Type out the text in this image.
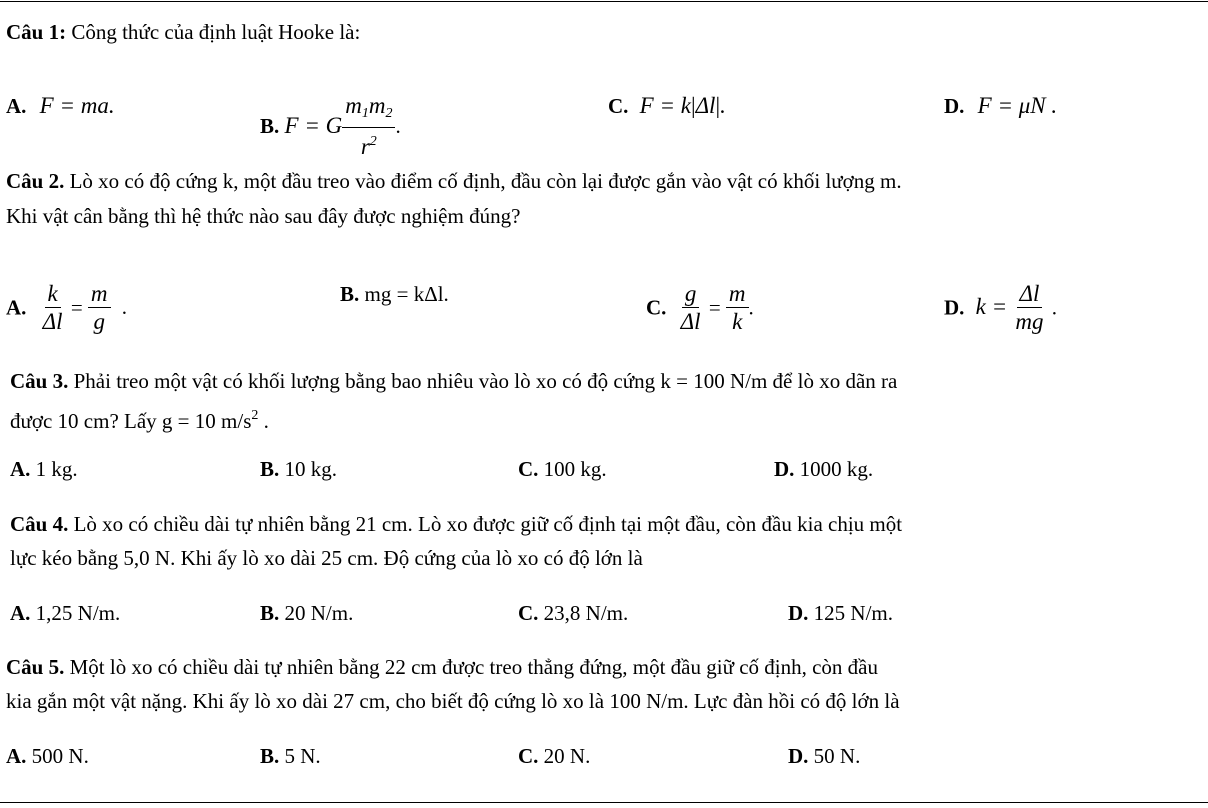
Câu 1: Công thức của định luật Hooke là:
A. F = ma.
B. F = G $\frac{m_1m_2}{r^2}$ .
C. F = k|Δl|.	D. F = μN .
Câu 2. Lò xo có độ cứng k, một đầu treo vào điểm cố định, đầu còn lại được gắn vào vật có khối lượng m.
Khi vật cân bằng thì hệ thức nào sau đây được nghiệm đúng?
A. $\frac{k}{\Delta l} = \frac{m}{g}$ .
B. mg = kΔl.
C. $\frac{g}{\Delta l} = \frac{m}{k}$ .	D. $k = \frac{\Delta l}{mg}$ .
Câu 3. Phải treo một vật có khối lượng bằng bao nhiêu vào lò xo có độ cứng k = 100 N/m để lò xo dãn ra
được 10 cm? Lấy g = 10 $m/s^2$ .
A. 1 kg.	B. 10 kg.	C. 100 kg.	D. 1000 kg.
Câu 4. Lò xo có chiều dài tự nhiên bằng 21 cm. Lò xo được giữ cố định tại một đầu, còn đầu kia chịu một
lực kéo bằng 5,0 N. Khi ấy lò xo dài 25 cm. Độ cứng của lò xo có độ lớn là
A. 1,25 N/m.	B. 20 N/m.	C. 23,8 N/m.	D. 125 N/m.
Câu 5. Một lò xo có chiều dài tự nhiên bằng 22 cm được treo thẳng đứng, một đầu giữ cố định, còn đầu
kia gắn một vật nặng. Khi ấy lò xo dài 27 cm, cho biết độ cứng lò xo là 100 N/m. Lực đàn hồi có độ lớn là
A. 500 N.	B. 5 N.	C. 20 N.	D. 50 N.
